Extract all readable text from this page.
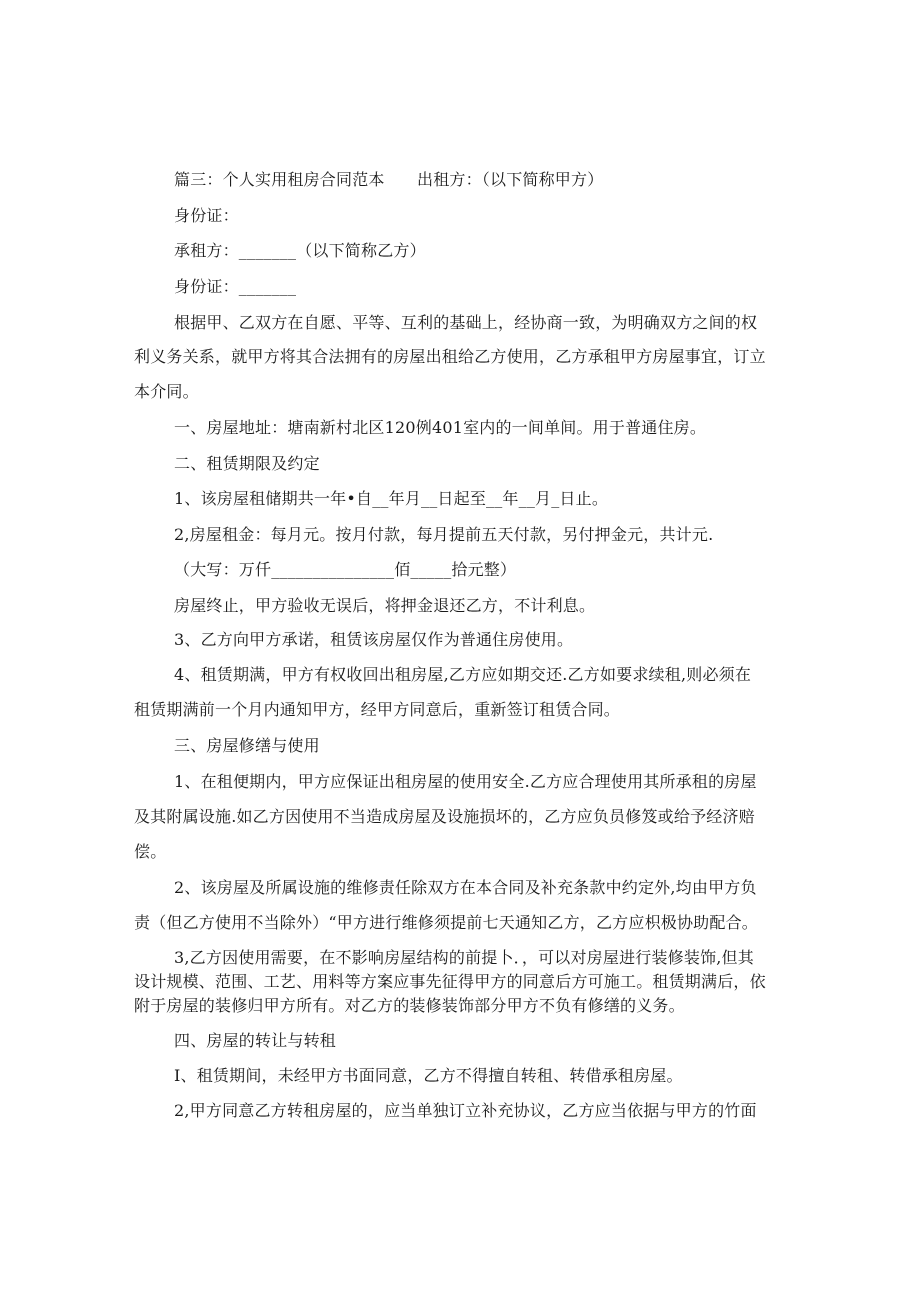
篇三：个人实用租房合同范本　　出租方：（以下简称甲方）
身份证：
承租方：_______（以下简称乙方）
身份证：_______
根据甲、乙双方在自愿、平等、互利的基础上，经协商一致，为明确双方之间的权
利义务关系，就甲方将其合法拥有的房屋出租给乙方使用，乙方承租甲方房屋事宜，订立
本介同。
一、房屋地址：塘南新村北区120例401室内的一间单间。用于普通住房。
二、租赁期限及约定
1、该房屋租储期共一年•自__年月__日起至__年__月_日止。
2,房屋租金：每月元。按月付款，每月提前五天付款，另付押金元，共计元.
（大写：万仟_______________佰_____拾元整）
房屋终止，甲方验收无误后，将押金退还乙方，不计利息。
3、乙方向甲方承诺，租赁该房屋仅作为普通住房使用。
4、租赁期满，甲方有权收回出租房屋,乙方应如期交还.乙方如要求续租,则必须在
租赁期满前一个月内通知甲方，经甲方同意后，重新签订租赁合同。
三、房屋修缮与使用
1、在租便期内，甲方应保证出租房屋的使用安全.乙方应合理使用其所承租的房屋
及其附属设施.如乙方因使用不当造成房屋及设施损坏的，乙方应负员修笈或给予经济赔
偿。
2、该房屋及所属设施的维修责任除双方在本合同及补充条款中约定外,均由甲方负
责（但乙方使用不当除外）“甲方进行维修须提前七天通知乙方，乙方应枳极协助配合。
3,乙方因使用需要，在不影响房屋结构的前提卜．，可以对房屋进行装修装饰,但其
设计规模、范围、工艺、用料等方案应事先征得甲方的同意后方可施工。租赁期满后，依
附于房屋的装修归甲方所有。对乙方的装修装饰部分甲方不负有修缮的义务。
四、房屋的转让与转租
I、租赁期间，未经甲方书面同意，乙方不得擅自转租、转借承租房屋。
2,甲方同意乙方转租房屋的，应当单独订立补充协议，乙方应当依据与甲方的竹面
